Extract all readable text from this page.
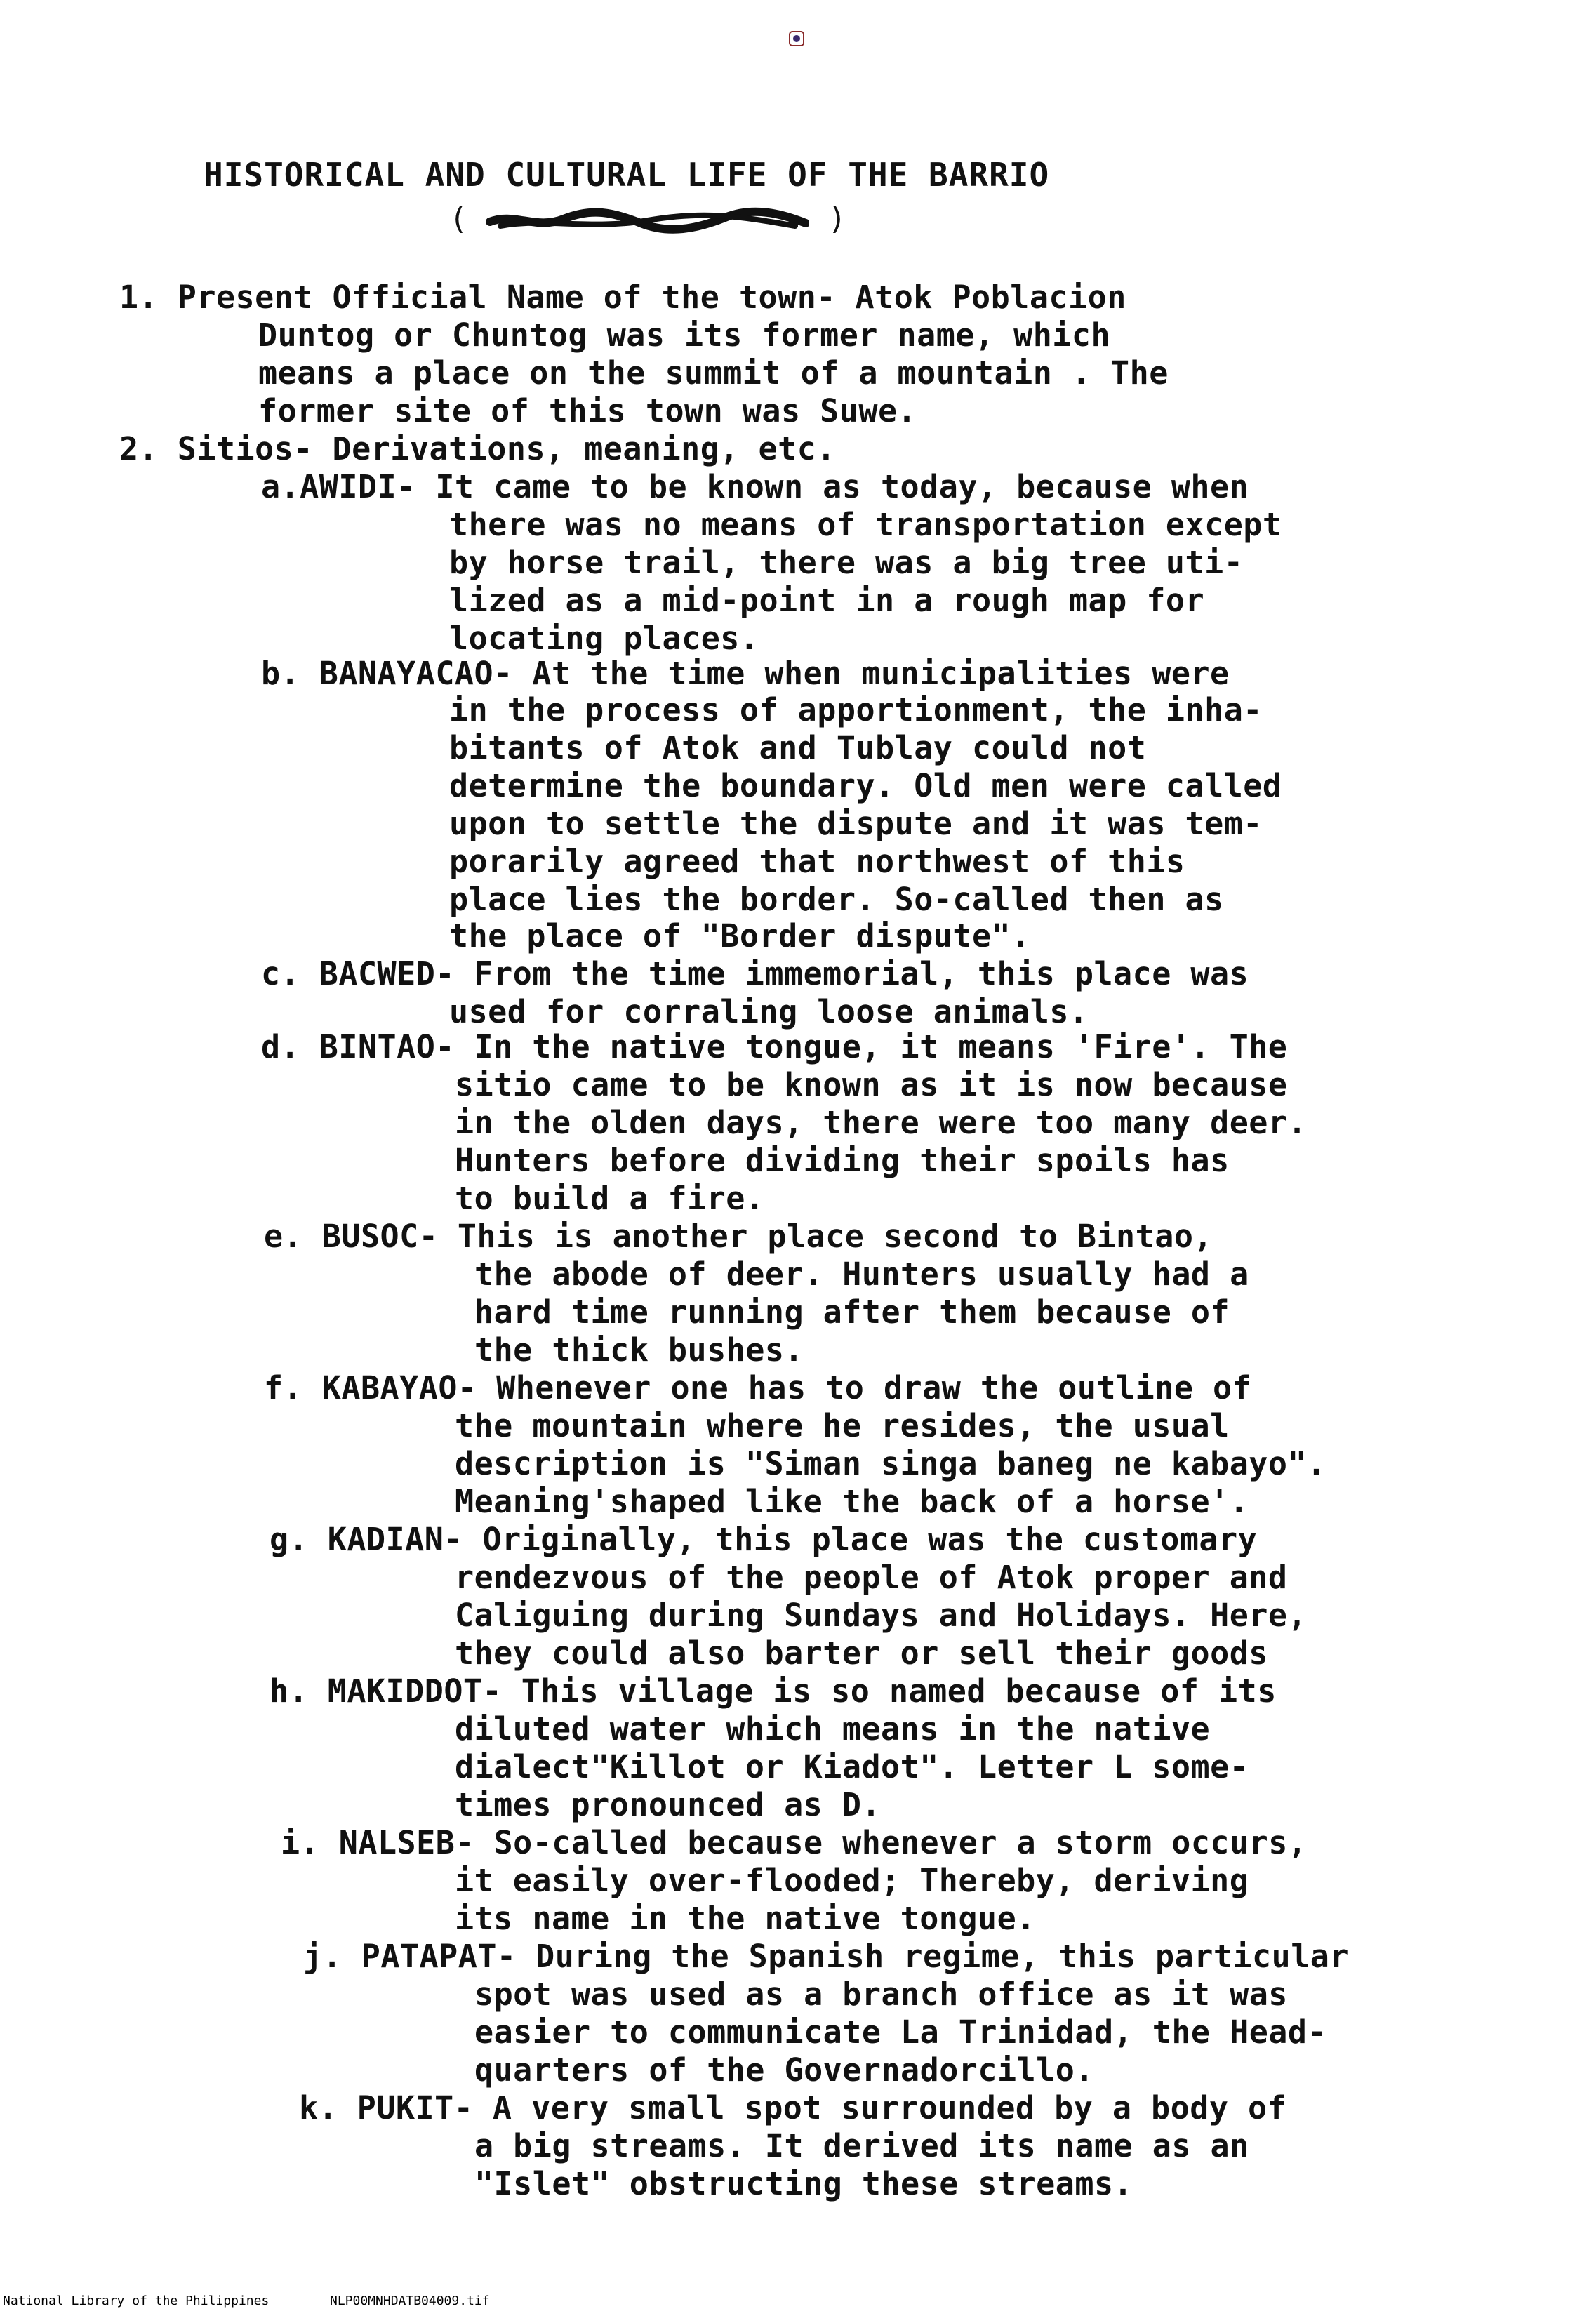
HISTORICAL AND CULTURAL LIFE OF THE BARRIO
(	)
1. Present Official Name of the town- Atok Poblacion
Duntog or Chuntog was its former name, which
means a place on the summit of a mountain . The
former site of this town was Suwe.
2. Sitios- Derivations, meaning, etc.
a.AWIDI- It came to be known as today, because when
there was no means of transportation except
by horse trail, there was a big tree uti-
lized as a mid-point in a rough map for
locating places.
b. BANAYACAO- At the time when municipalities were
in the process of apportionment, the inha-
bitants of Atok and Tublay could not
determine the boundary. Old men were called
upon to settle the dispute and it was tem-
porarily agreed that northwest of this
place lies the border. So-called then as
the place of "Border dispute".
c. BACWED- From the time immemorial, this place was
used for corraling loose animals.
d. BINTAO- In the native tongue, it means 'Fire'. The
sitio came to be known as it is now because
in the olden days, there were too many deer.
Hunters before dividing their spoils has
to build a fire.
e. BUSOC- This is another place second to Bintao,
the abode of deer. Hunters usually had a
hard time running after them because of
the thick bushes.
f. KABAYAO- Whenever one has to draw the outline of
the mountain where he resides, the usual
description is "Siman singa baneg ne kabayo".
Meaning'shaped like the back of a horse'.
g. KADIAN- Originally, this place was the customary
rendezvous of the people of Atok proper and
Caliguing during Sundays and Holidays. Here,
they could also barter or sell their goods
h. MAKIDDOT- This village is so named because of its
diluted water which means in the native
dialect"Killot or Kiadot". Letter L some-
times pronounced as D.
i. NALSEB- So-called because whenever a storm occurs,
it easily over-flooded; Thereby, deriving
its name in the native tongue.
j. PATAPAT- During the Spanish regime, this particular
spot was used as a branch office as it was
easier to communicate La Trinidad, the Head-
quarters of the Governadorcillo.
k. PUKIT- A very small spot surrounded by a body of
a big streams. It derived its name as an
"Islet" obstructing these streams.
National Library of the Philippines	NLP00MNHDATB04009.tif
